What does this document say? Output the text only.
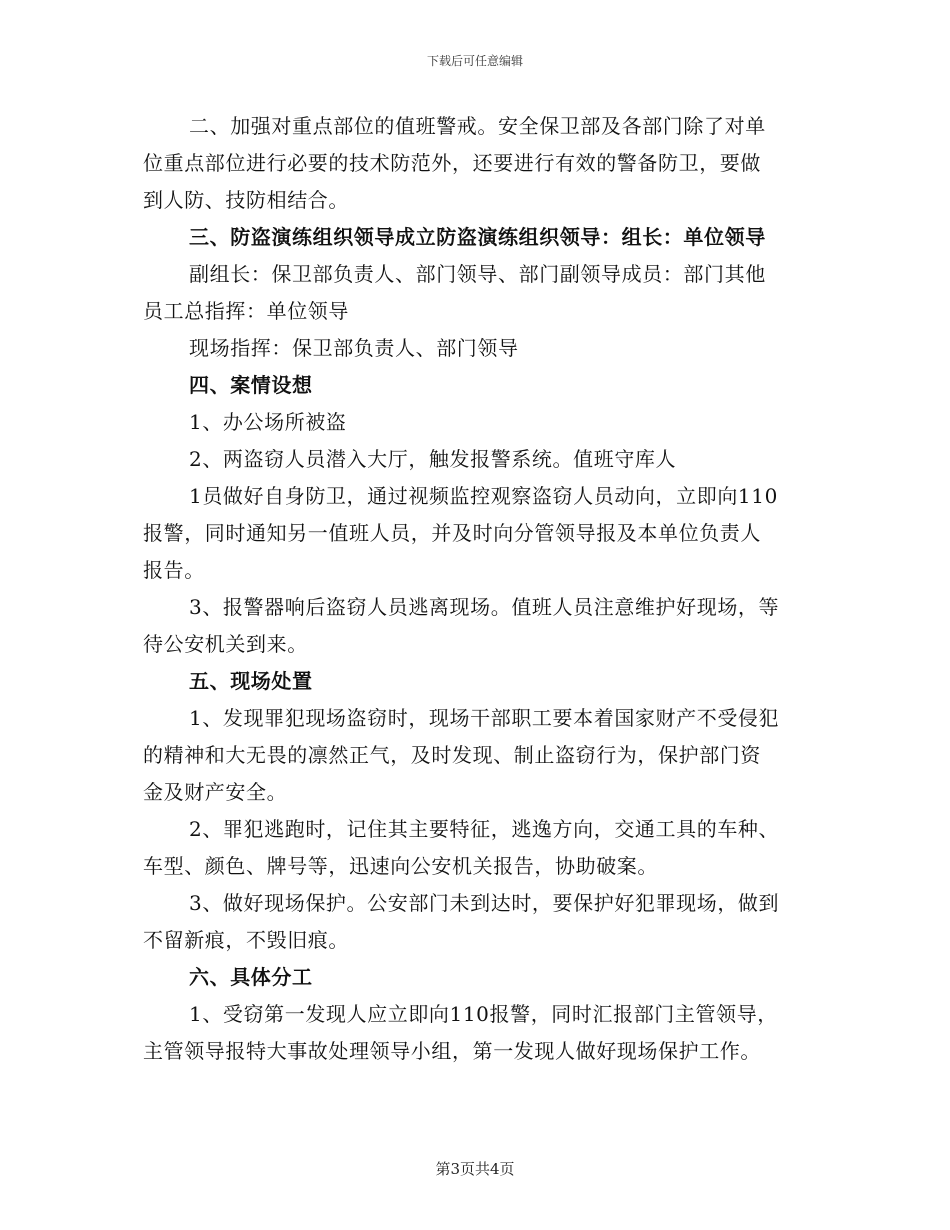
下载后可任意编辑
二、加强对重点部位的值班警戒。安全保卫部及各部门除了对单
位重点部位进行必要的技术防范外，还要进行有效的警备防卫，要做
到人防、技防相结合。
三、防盗演练组织领导成立防盗演练组织领导：组长：单位领导
副组长：保卫部负责人、部门领导、部门副领导成员：部门其他
员工总指挥：单位领导
现场指挥：保卫部负责人、部门领导
四、案情设想
1、办公场所被盗
2、两盗窃人员潜入大厅，触发报警系统。值班守库人
1员做好自身防卫，通过视频监控观察盗窃人员动向，立即向110
报警，同时通知另一值班人员，并及时向分管领导报及本单位负责人
报告。
3、报警器响后盗窃人员逃离现场。值班人员注意维护好现场，等
待公安机关到来。
五、现场处置
1、发现罪犯现场盗窃时，现场干部职工要本着国家财产不受侵犯
的精神和大无畏的凛然正气，及时发现、制止盗窃行为，保护部门资
金及财产安全。
2、罪犯逃跑时，记住其主要特征，逃逸方向，交通工具的车种、
车型、颜色、牌号等，迅速向公安机关报告，协助破案。
3、做好现场保护。公安部门未到达时，要保护好犯罪现场，做到
不留新痕，不毁旧痕。
六、具体分工
1、受窃第一发现人应立即向110报警，同时汇报部门主管领导，
主管领导报特大事故处理领导小组，第一发现人做好现场保护工作。
第3页共4页
